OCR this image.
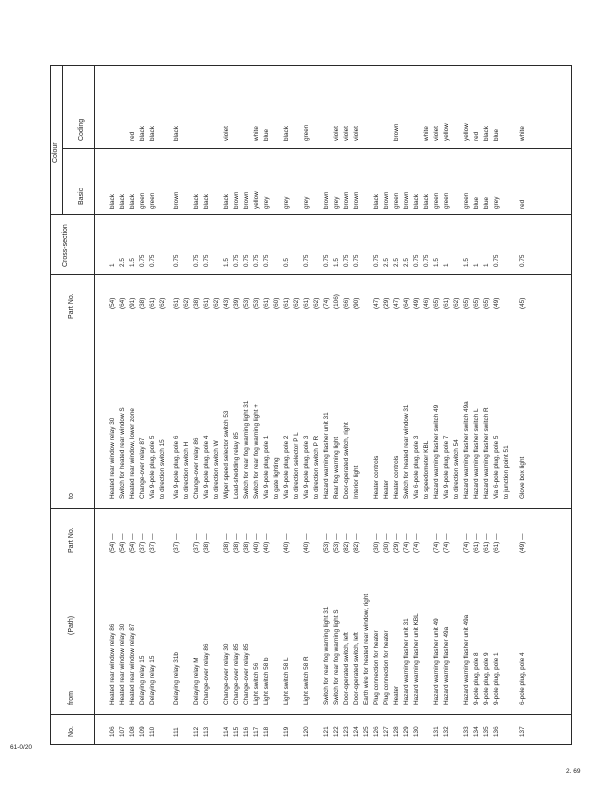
61-0/20
2. 69
No.
from
(Path)
Part No.
to
Part No.
Cross-section
Colour
Basic
Coding
106
Heated rear window relay 86
(54) —
Heated rear window relay 30
(54)
1
black
107
Heated rear window relay 30
(54) —
Switch for heated rear window S
(64)
2.5
black
108
Heated rear window relay 87
(54) —
Heated rear window, lower zone
(91)
1.5
black
red
109
Delaying relay 15
(37) —
Change-over relay 87
(38)
0.75
green
black
110
Delaying relay 15
(37) —
Via 9-pole plug, pole 5
(61)
0.75
green
black
to direction switch 15
(62)
111
Delaying relay 31b
(37) —
Via 9-pole plug, pole 6
(61)
0.75
brown
black
to direction switch H
(62)
112
Delaying relay M
(37) —
Change-over relay 86
(38)
0.75
black
113
Change-over relay 86
(38) —
Via 9-pole plug, pole 4
(61)
0.75
black
to direction switch W
(62)
114
Change-over relay 30
(38) —
Wiper speed selector switch 53
(43)
1.5
black
violet
115
Change-over relay 85
(38) —
Load-shedding relay 85
(39)
0.75
brown
116
Change-over relay 85
(38) —
Switch for rear fog warning light 31
(53)
0.75
brown
117
Light switch 56
(40) —
Switch for rear fog warning light +
(53)
0.75
yellow
white
118
Light switch 58 b
(40) —
Via 9-pole plug, pole 1
(61)
0.75
grey
blue
to gate lighting
(60)
119
Light switch 58 L
(40) —
Via 9-pole plug, pole 2
(61)
0.5
grey
black
to direction selector P L
(62)
120
Light switch 58 R
(40) —
Via 9-pole plug, pole 3
(61)
0.75
grey
green
to direction switch P R
(62)
121
Switch for rear fog warning light 31
(53) —
Hazard warning flasher unit 31
(74)
0.75
brown
122
Switch for rear fog warning light S
(53) —
Rear fog warning light
(106)
1.5
grey
violet
123
Door-operated switch, left
(82) —
Door-operated switch, right
(66)
0.75
brown
violet
124
Door-operated switch, left
(82) —
Interior light
(90)
0.75
brown
violet
125
Earth wire for heated rear window, right
126
Plug connection for heater
(30) —
Heater controls
(47)
0.75
black
127
Plug connection for heater
(30) —
Heater
(29)
2.5
brown
128
Heater
(29) —
Heater controls
(47)
2.5
green
brown
129
Hazard warning flasher unit 31
(74) —
Switch for heated rear window 31
(64)
2.5
brown
130
Hazard warning flasher unit KBL
(74) —
Via 6-pole plug, pole 3
(49)
0.75
black
to speedometer KBL
(46)
0.75
black
white
131
Hazard warning flasher unit 49
(74) —
Hazard warning flasher switch 49
(65)
1.5
green
violet
132
Hazard warning flasher 49a
(74) —
Via 9-pole plug, pole 7
(61)
1
green
yellow
to direction switch 54
(62)
133
Hazard warning flasher unit 49a
(74) —
Hazard warning flasher switch 49a
(65)
1.5
green
yellow
134
9-pole plug, pole 8
(61) —
Hazard warning flasher switch L
(65)
1
blue
red
135
9-pole plug, pole 9
(61) —
Hazard warning flasher switch R
(65)
1
blue
black
136
9-pole plug, pole 1
(61) —
Via 6-pole plug, pole 5
(49)
0.75
grey
blue
to junction point 51
137
6-pole plug, pole 4
(49) —
Glove box light
(45)
0.75
red
white
